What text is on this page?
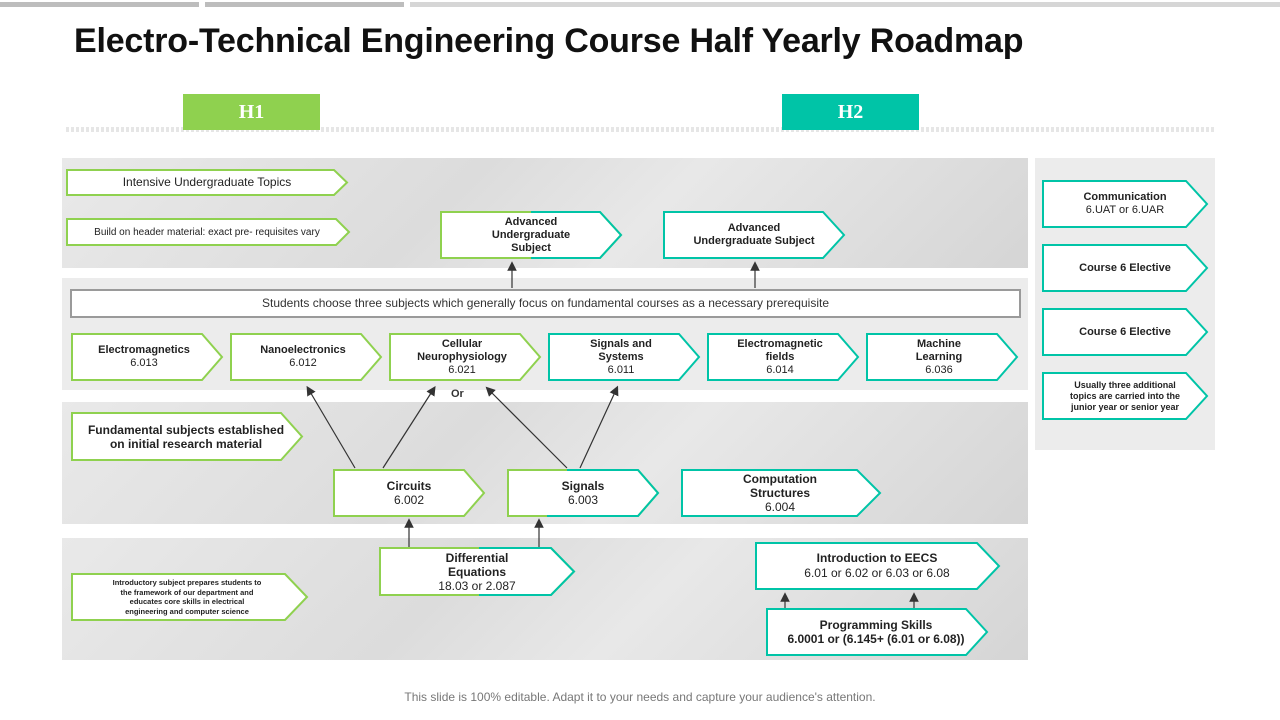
Electro-Technical Engineering Course Half Yearly Roadmap
H1	H2
Intensive Undergraduate Topics
Build on header material: exact pre- requisites vary
Advanced
Undergraduate
Subject
Advanced
Undergraduate Subject
Students choose three subjects which generally focus on fundamental courses as a necessary prerequisite
Electromagnetics
6.013
Nanoelectronics
6.012
Cellular
Neurophysiology
6.021
Signals and
Systems
6.011
Electromagnetic
fields
6.014
Machine
Learning
6.036
Or
Fundamental subjects established on initial research material
Circuits
6.002
Signals
6.003
Computation
Structures
6.004
Introductory subject prepares students to
the framework of our department and
educates core skills in electrical
engineering and computer science
Differential
Equations
18.03 or 2.087
Introduction to EECS
6.01 or 6.02 or 6.03 or 6.08
Programming Skills
6.0001 or (6.145+ (6.01 or 6.08))
Communication
6.UAT or 6.UAR
Course 6 Elective
Course 6 Elective
Usually three additional
topics are carried into the
junior year or senior year
This slide is 100% editable. Adapt it to your needs and capture your audience's attention.
